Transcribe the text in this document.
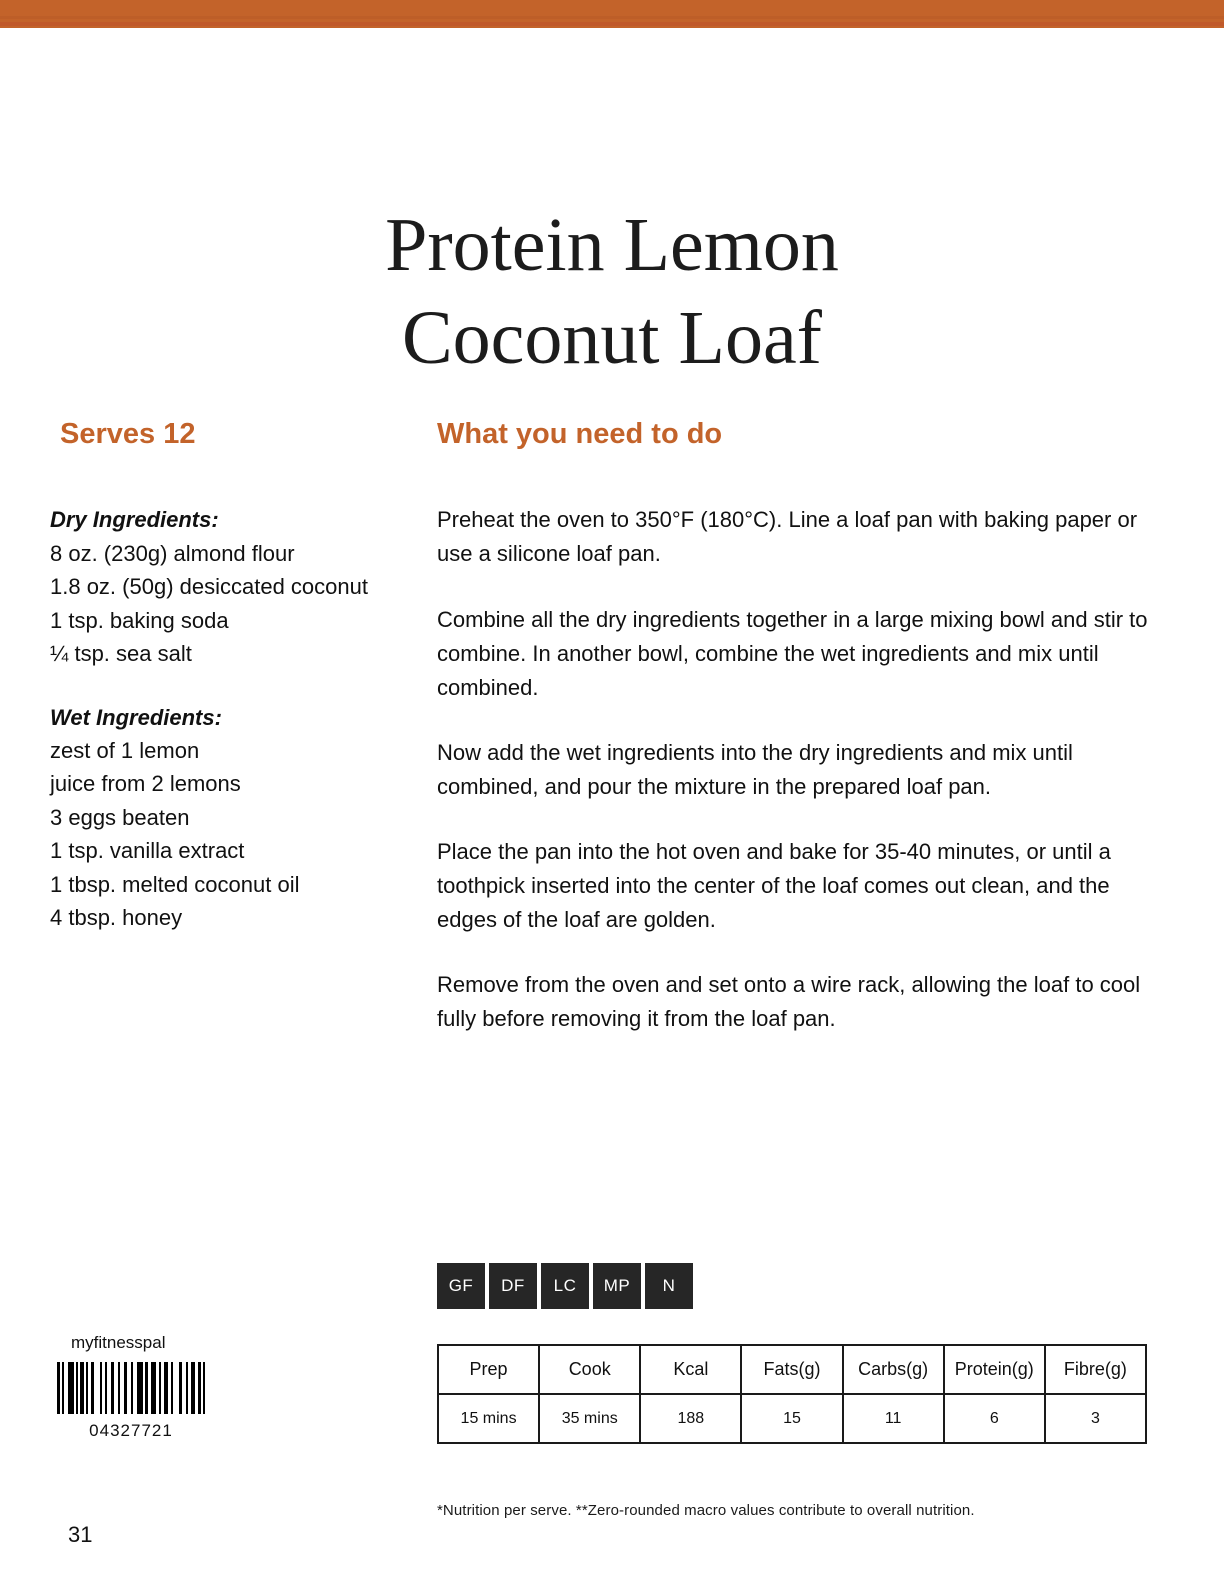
Protein Lemon
Coconut Loaf
Serves 12
Dry Ingredients:
8 oz. (230g) almond flour
1.8 oz. (50g) desiccated coconut
1 tsp. baking soda
¼ tsp. sea salt
Wet Ingredients:
zest of 1 lemon
juice from 2 lemons
3 eggs beaten
1 tsp. vanilla extract
1 tbsp. melted coconut oil
4 tbsp. honey
What you need to do

Preheat the oven to 350°F (180°C). Line a loaf pan with baking paper or use a silicone loaf pan.

Combine all the dry ingredients together in a large mixing bowl and stir to combine. In another bowl, combine the wet ingredients and mix until combined.

Now add the wet ingredients into the dry ingredients and mix until combined, and pour the mixture in the prepared loaf pan.

Place the pan into the hot oven and bake for 35-40 minutes, or until a toothpick inserted into the center of the loaf comes out clean, and the edges of the loaf are golden.

Remove from the oven and set onto a wire rack, allowing the loaf to cool fully before removing it from the loaf pan.

GF	DF	LC	MP	N
Prep	Cook	Kcal	Fats(g)	Carbs(g)	Protein(g)	Fibre(g)
15 mins	35 mins	188	15	11	6	3
*Nutrition per serve. **Zero-rounded macro values contribute to overall nutrition.
myfitnesspal
04327721
31
